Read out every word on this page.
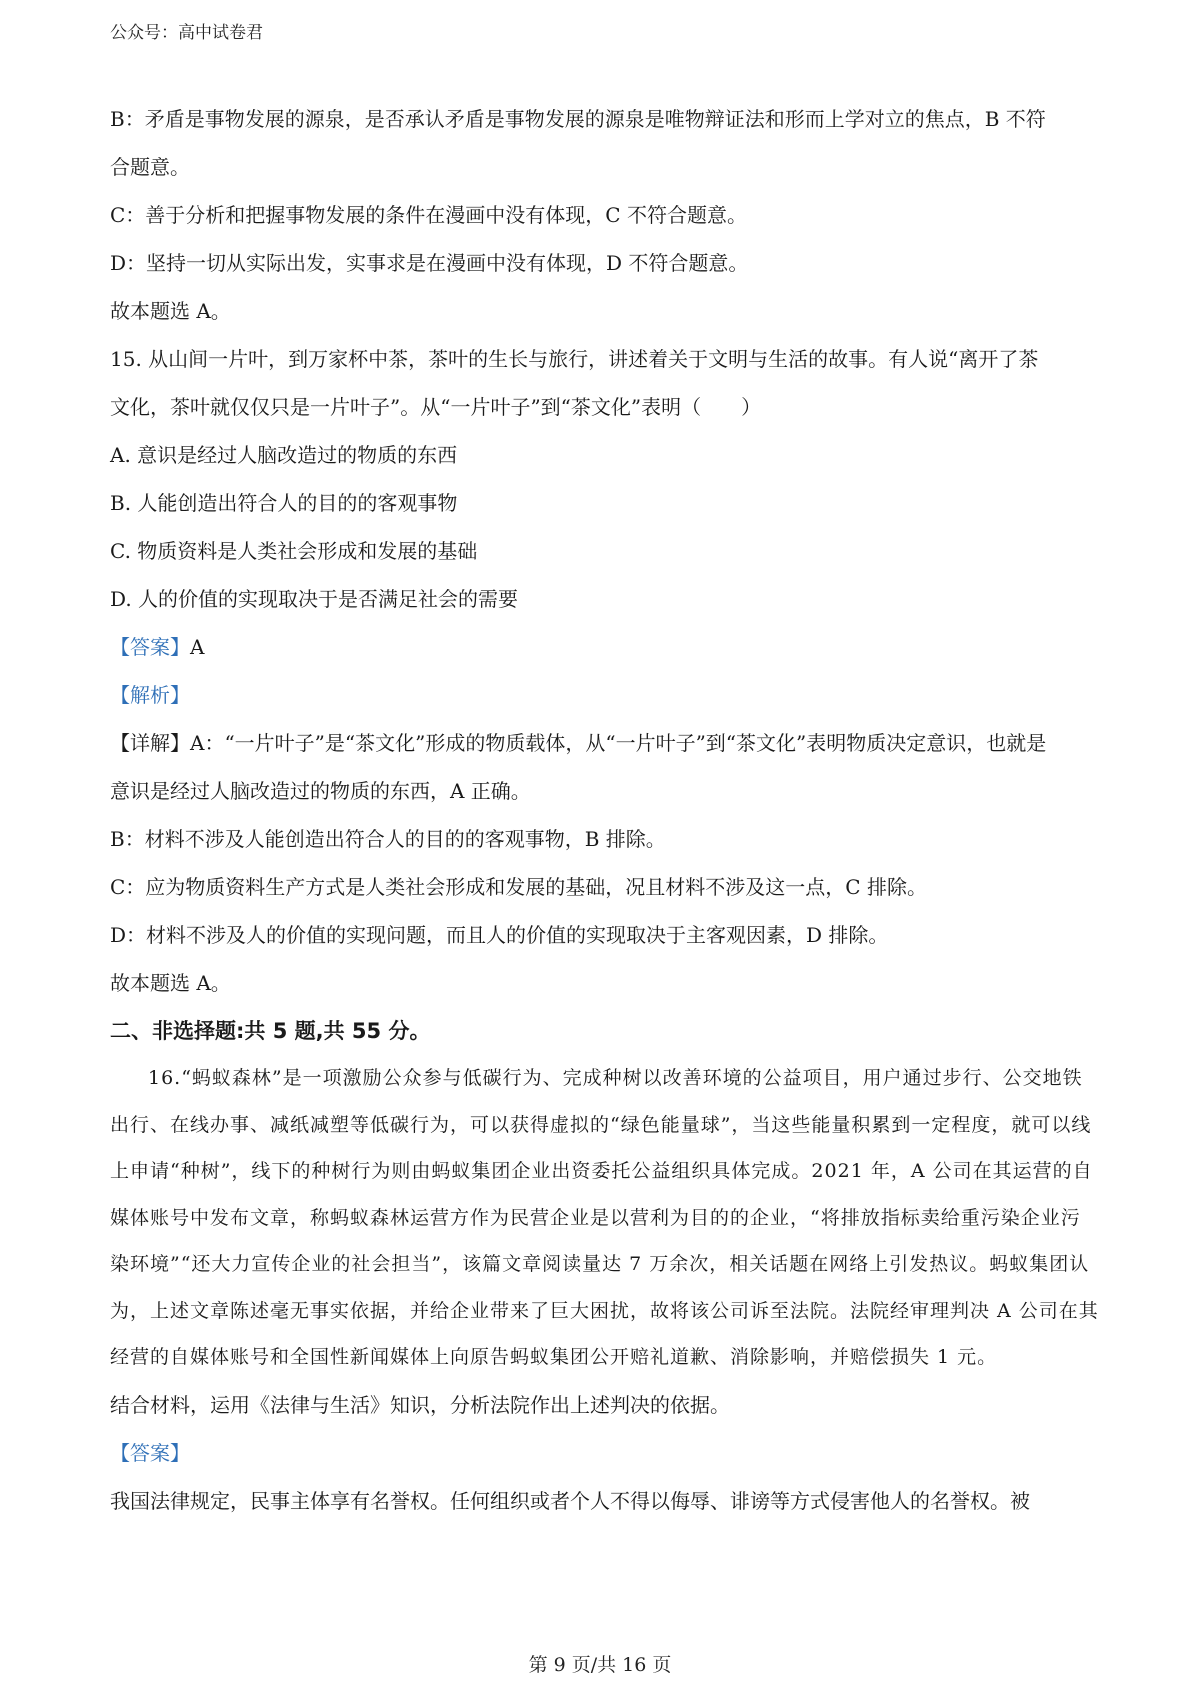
公众号：高中试卷君

B：矛盾是事物发展的源泉，是否承认矛盾是事物发展的源泉是唯物辩证法和形而上学对立的焦点，B 不符

合题意。

C：善于分析和把握事物发展的条件在漫画中没有体现，C 不符合题意。

D：坚持一切从实际出发，实事求是在漫画中没有体现，D 不符合题意。

故本题选 A。

15. 从山间一片叶，到万家杯中茶，茶叶的生长与旅行，讲述着关于文明与生活的故事。有人说“离开了茶

文化，茶叶就仅仅只是一片叶子”。从“一片叶子”到“茶文化”表明（　　）

A. 意识是经过人脑改造过的物质的东西

B. 人能创造出符合人的目的的客观事物

C. 物质资料是人类社会形成和发展的基础

D. 人的价值的实现取决于是否满足社会的需要

【答案】A

【解析】

【详解】A：“一片叶子”是“茶文化”形成的物质载体，从“一片叶子”到“茶文化”表明物质决定意识，也就是

意识是经过人脑改造过的物质的东西，A 正确。

B：材料不涉及人能创造出符合人的目的的客观事物，B 排除。

C：应为物质资料生产方式是人类社会形成和发展的基础，况且材料不涉及这一点，C 排除。

D：材料不涉及人的价值的实现问题，而且人的价值的实现取决于主客观因素，D 排除。

故本题选 A。

二、非选择题:共 5 题,共 55 分。

16.“蚂蚁森林”是一项激励公众参与低碳行为、完成种树以改善环境的公益项目，用户通过步行、公交地铁出行、在线办事、减纸减塑等低碳行为，可以获得虚拟的“绿色能量球”，当这些能量积累到一定程度，就可以线上申请“种树”，线下的种树行为则由蚂蚁集团企业出资委托公益组织具体完成。2021 年，A 公司在其运营的自媒体账号中发布文章，称蚂蚁森林运营方作为民营企业是以营利为目的的企业，“将排放指标卖给重污染企业污染环境”“还大力宣传企业的社会担当”，该篇文章阅读量达 7 万余次，相关话题在网络上引发热议。蚂蚁集团认为，上述文章陈述毫无事实依据，并给企业带来了巨大困扰，故将该公司诉至法院。法院经审理判决 A 公司在其经营的自媒体账号和全国性新闻媒体上向原告蚂蚁集团公开赔礼道歉、消除影响，并赔偿损失 1 元。

结合材料，运用《法律与生活》知识，分析法院作出上述判决的依据。

【答案】

我国法律规定，民事主体享有名誉权。任何组织或者个人不得以侮辱、诽谤等方式侵害他人的名誉权。被

第 9 页/共 16 页
